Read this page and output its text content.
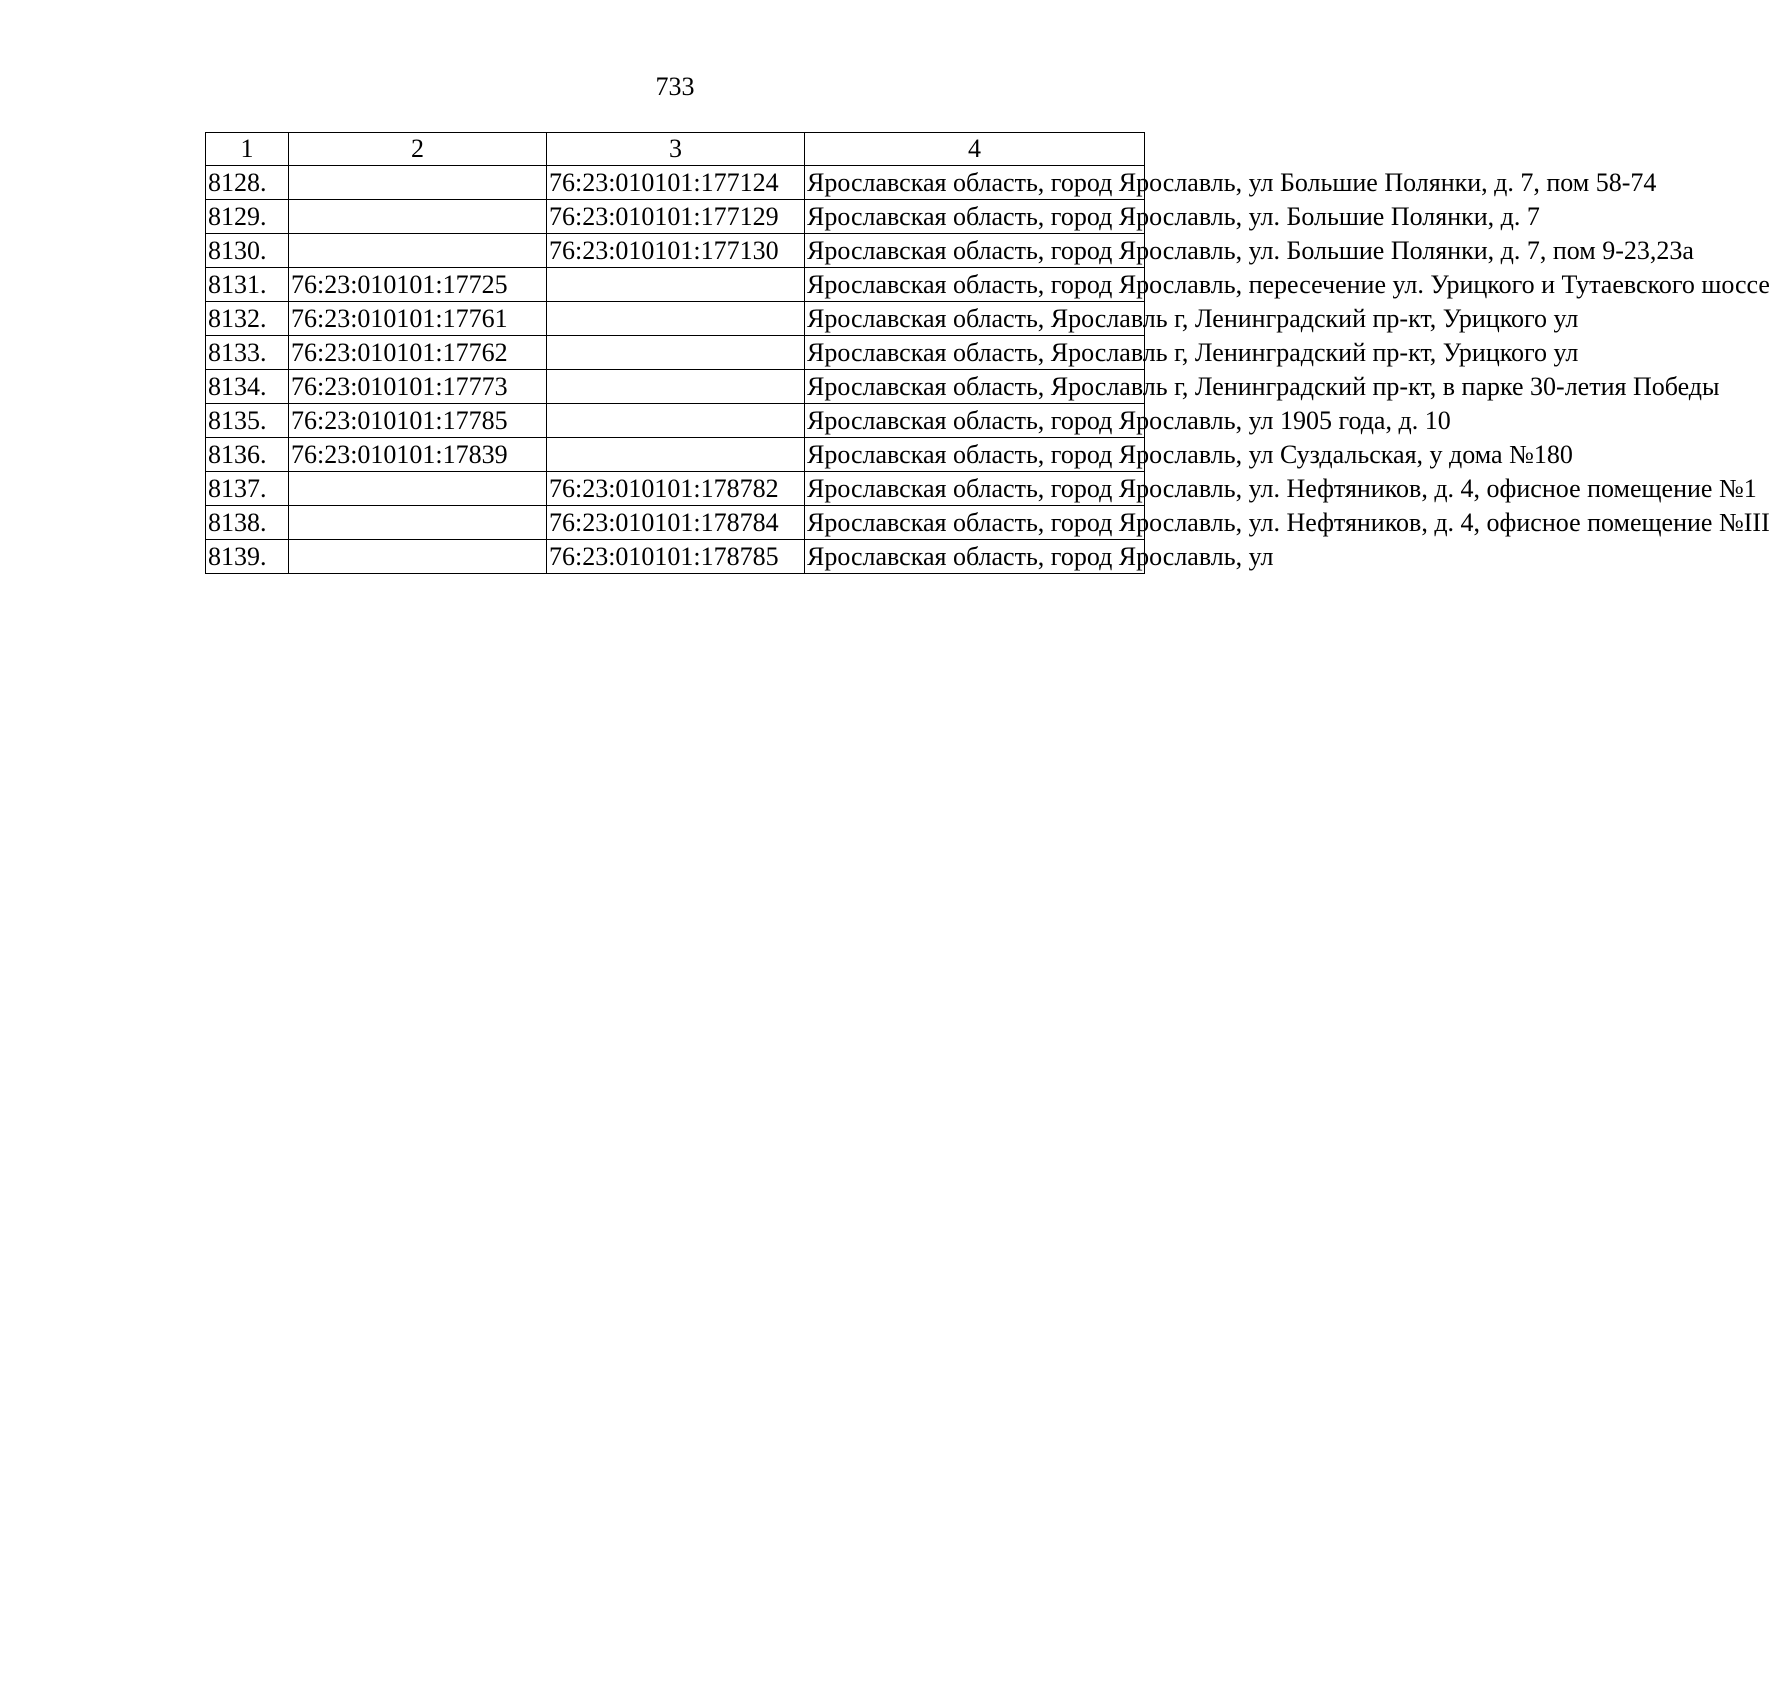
733
1	2	3	4
8128.		76:23:010101:177124	Ярославская область, город Ярославль, ул Большие Полянки, д. 7, пом 58-74
8129.		76:23:010101:177129	Ярославская область, город Ярославль, ул. Большие Полянки, д. 7
8130.		76:23:010101:177130	Ярославская область, город Ярославль, ул. Большие Полянки, д. 7, пом 9-23,23а
8131.	76:23:010101:17725		Ярославская область, город Ярославль, пересечение ул. Урицкого и Тутаевского шоссе
8132.	76:23:010101:17761		Ярославская область, Ярославль г, Ленинградский пр-кт, Урицкого ул
8133.	76:23:010101:17762		Ярославская область, Ярославль г, Ленинградский пр-кт, Урицкого ул
8134.	76:23:010101:17773		Ярославская область, Ярославль г, Ленинградский пр-кт, в парке 30-летия Победы
8135.	76:23:010101:17785		Ярославская область, город Ярославль, ул 1905 года, д. 10
8136.	76:23:010101:17839		Ярославская область, город Ярославль, ул Суздальская, у дома №180
8137.		76:23:010101:178782	Ярославская область, город Ярославль, ул. Нефтяников, д. 4, офисное помещение №1
8138.		76:23:010101:178784	Ярославская область, город Ярославль, ул. Нефтяников, д. 4, офисное помещение №III
8139.		76:23:010101:178785	Ярославская область, город Ярославль, ул
